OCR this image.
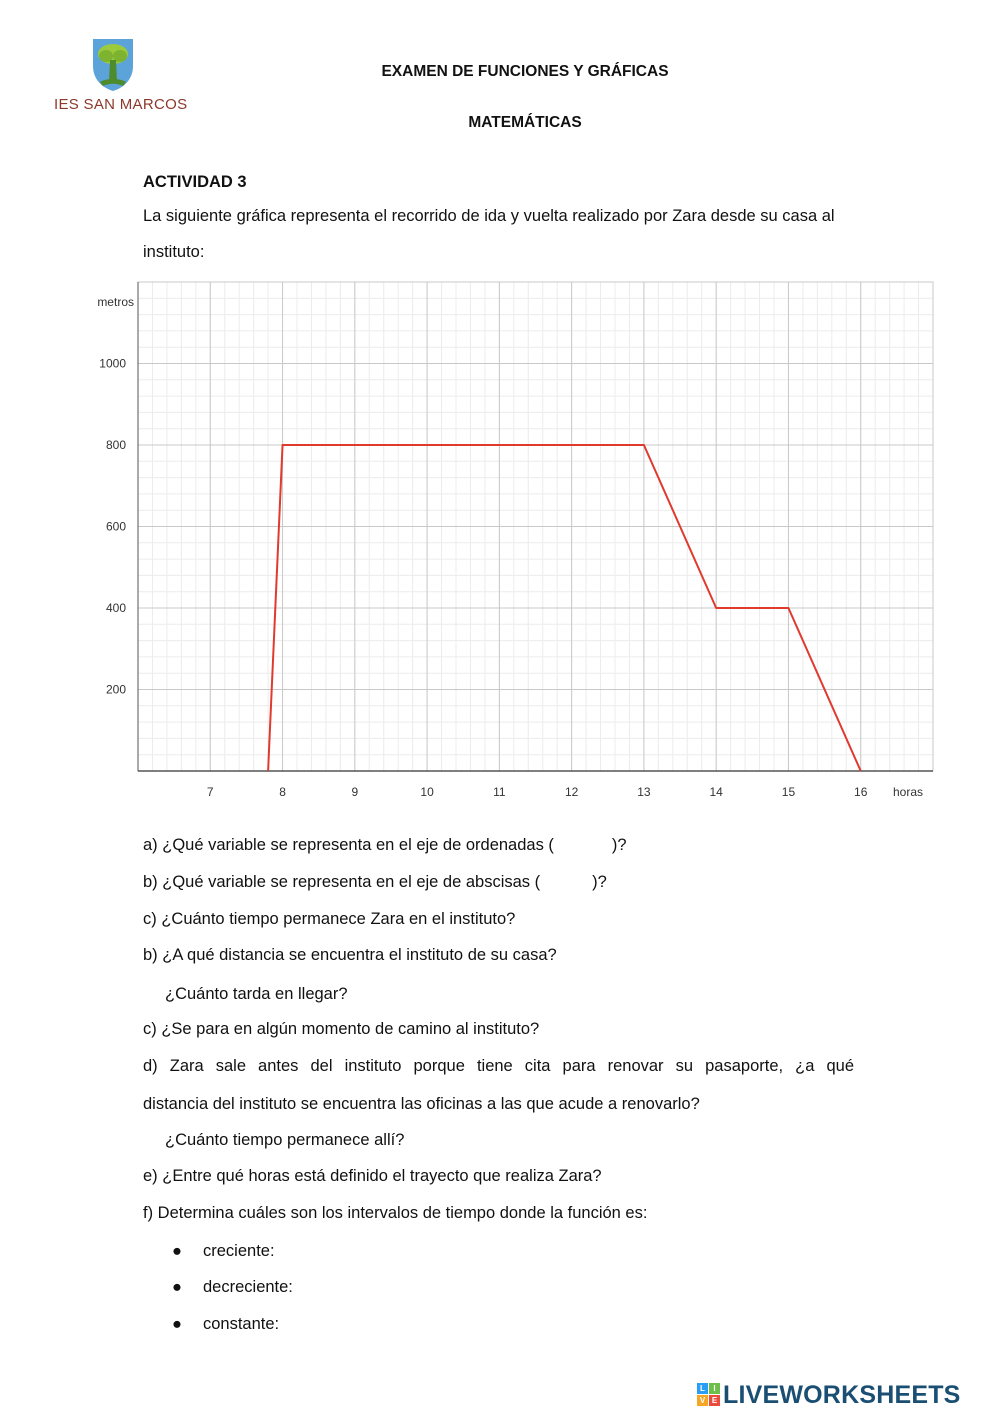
IES SAN MARCOS
EXAMEN DE FUNCIONES Y GRÁFICAS
MATEMÁTICAS
ACTIVIDAD 3
La siguiente gráfica representa el recorrido de ida y vuelta realizado por Zara desde su casa al instituto:
7	8	9	10	11	12	13	14	15	16
200
400
600
800
1000
horas
metros
a) ¿Qué variable se representa en el eje de ordenadas (	)?
b) ¿Qué variable se representa en el eje de abscisas (	)?
c) ¿Cuánto tiempo permanece Zara en el instituto?
b) ¿A qué distancia se encuentra el instituto de su casa?
¿Cuánto tarda en llegar?
c) ¿Se para en algún momento de camino al instituto?
d) Zara sale antes del instituto porque tiene cita para renovar su pasaporte, ¿a qué
distancia del instituto se encuentra las oficinas a las que acude a renovarlo?
¿Cuánto tiempo permanece allí?
e) ¿Entre qué horas está definido el trayecto que realiza Zara?
f) Determina cuáles son los intervalos de tiempo donde la función es:
● creciente:
● decreciente:
● constante:
L	I
V E LIVEWORKSHEETS
